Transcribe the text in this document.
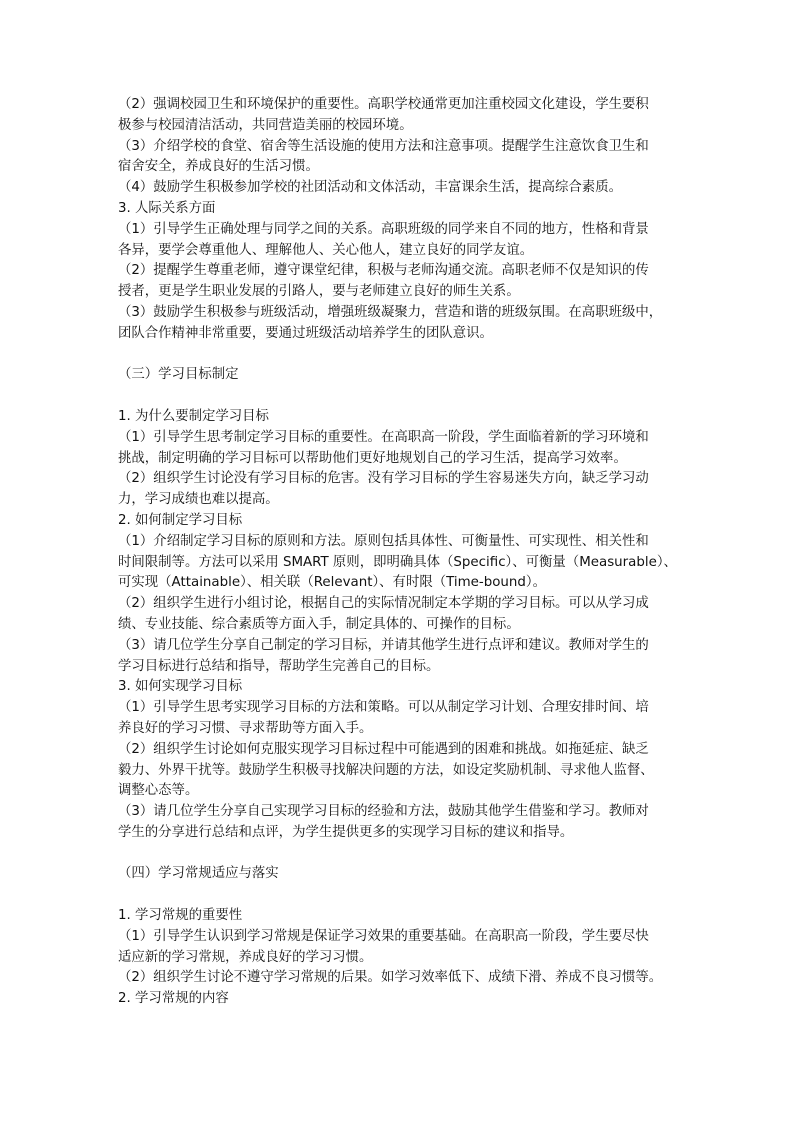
（2）强调校园卫生和环境保护的重要性。高职学校通常更加注重校园文化建设，学生要积
极参与校园清洁活动，共同营造美丽的校园环境。
（3）介绍学校的食堂、宿舍等生活设施的使用方法和注意事项。提醒学生注意饮食卫生和
宿舍安全，养成良好的生活习惯。
（4）鼓励学生积极参加学校的社团活动和文体活动，丰富课余生活，提高综合素质。
3. 人际关系方面
（1）引导学生正确处理与同学之间的关系。高职班级的同学来自不同的地方，性格和背景
各异，要学会尊重他人、理解他人、关心他人，建立良好的同学友谊。
（2）提醒学生尊重老师，遵守课堂纪律，积极与老师沟通交流。高职老师不仅是知识的传
授者，更是学生职业发展的引路人，要与老师建立良好的师生关系。
（3）鼓励学生积极参与班级活动，增强班级凝聚力，营造和谐的班级氛围。在高职班级中，
团队合作精神非常重要，要通过班级活动培养学生的团队意识。
（三）学习目标制定
1. 为什么要制定学习目标
（1）引导学生思考制定学习目标的重要性。在高职高一阶段，学生面临着新的学习环境和
挑战，制定明确的学习目标可以帮助他们更好地规划自己的学习生活，提高学习效率。
（2）组织学生讨论没有学习目标的危害。没有学习目标的学生容易迷失方向，缺乏学习动
力，学习成绩也难以提高。
2. 如何制定学习目标
（1）介绍制定学习目标的原则和方法。原则包括具体性、可衡量性、可实现性、相关性和
时间限制等。方法可以采用 SMART 原则，即明确具体（Specific）、可衡量（Measurable）、
可实现（Attainable）、相关联（Relevant）、有时限（Time-bound）。
（2）组织学生进行小组讨论，根据自己的实际情况制定本学期的学习目标。可以从学习成
绩、专业技能、综合素质等方面入手，制定具体的、可操作的目标。
（3）请几位学生分享自己制定的学习目标，并请其他学生进行点评和建议。教师对学生的
学习目标进行总结和指导，帮助学生完善自己的目标。
3. 如何实现学习目标
（1）引导学生思考实现学习目标的方法和策略。可以从制定学习计划、合理安排时间、培
养良好的学习习惯、寻求帮助等方面入手。
（2）组织学生讨论如何克服实现学习目标过程中可能遇到的困难和挑战。如拖延症、缺乏
毅力、外界干扰等。鼓励学生积极寻找解决问题的方法，如设定奖励机制、寻求他人监督、
调整心态等。
（3）请几位学生分享自己实现学习目标的经验和方法，鼓励其他学生借鉴和学习。教师对
学生的分享进行总结和点评，为学生提供更多的实现学习目标的建议和指导。
（四）学习常规适应与落实
1. 学习常规的重要性
（1）引导学生认识到学习常规是保证学习效果的重要基础。在高职高一阶段，学生要尽快
适应新的学习常规，养成良好的学习习惯。
（2）组织学生讨论不遵守学习常规的后果。如学习效率低下、成绩下滑、养成不良习惯等。
2. 学习常规的内容
